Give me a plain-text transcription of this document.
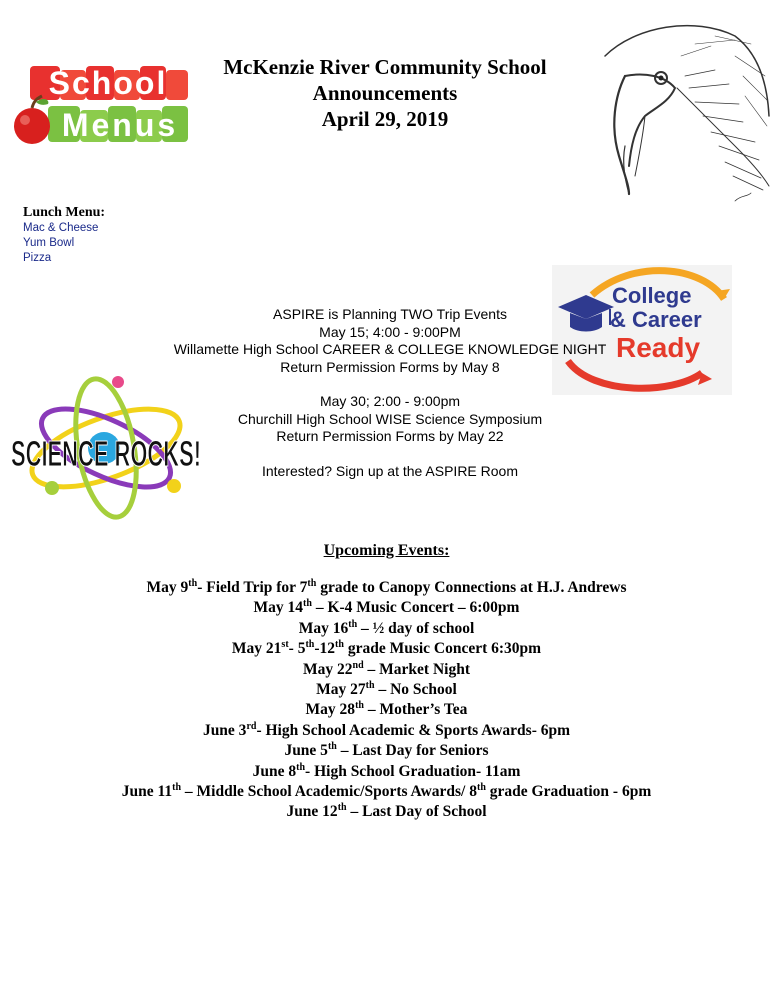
McKenzie River Community School
Announcements
April 29, 2019
School
Menus
Lunch Menu:
Mac & Cheese
Yum Bowl
Pizza
College
& Career
Ready
SCIENCE ROCKS!
ASPIRE is Planning TWO Trip Events
May 15; 4:00 - 9:00PM
Willamette High School CAREER & COLLEGE KNOWLEDGE NIGHT
Return Permission Forms by May 8
May 30; 2:00 - 9:00pm
Churchill High School WISE Science Symposium
Return Permission Forms by May 22
Interested? Sign up at the ASPIRE Room
Upcoming Events:
May 9th- Field Trip for 7th grade to Canopy Connections at H.J. Andrews
May 14th – K-4 Music Concert – 6:00pm
May 16th – ½ day of school
May 21st- 5th-12th grade Music Concert 6:30pm
May 22nd – Market Night
May 27th – No School
May 28th – Mother’s Tea
June 3rd- High School Academic & Sports Awards- 6pm
June 5th – Last Day for Seniors
June 8th- High School Graduation- 11am
June 11th – Middle School Academic/Sports Awards/ 8th grade Graduation - 6pm
June 12th – Last Day of School
